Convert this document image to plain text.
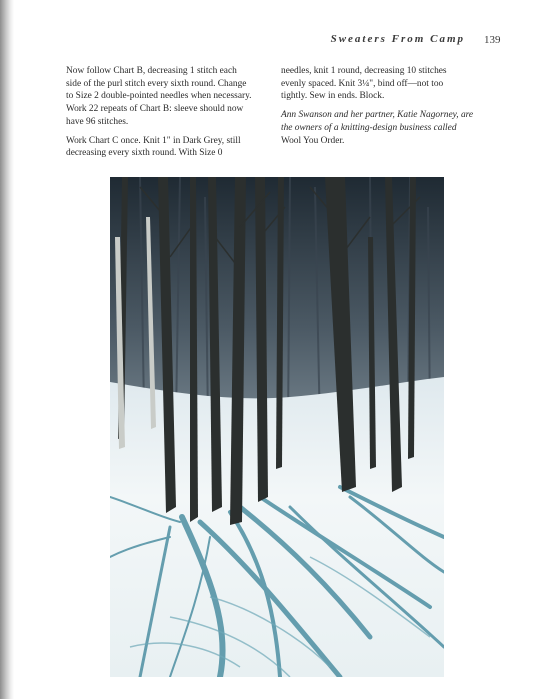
Sweaters From Camp 139

Now follow Chart B, decreasing 1 stitch each
side of the purl stitch every sixth round. Change
to Size 2 double-pointed needles when necessary.
Work 22 repeats of Chart B: sleeve should now
have 96 stitches.

Work Chart C once. Knit 1" in Dark Grey, still
decreasing every sixth round. With Size 0

needles, knit 1 round, decreasing 10 stitches
evenly spaced. Knit 3¼", bind off—not too
tightly. Sew in ends. Block.

Ann Swanson and her partner, Katie Nagorney, are
the owners of a knitting-design business called
Wool You Order.
